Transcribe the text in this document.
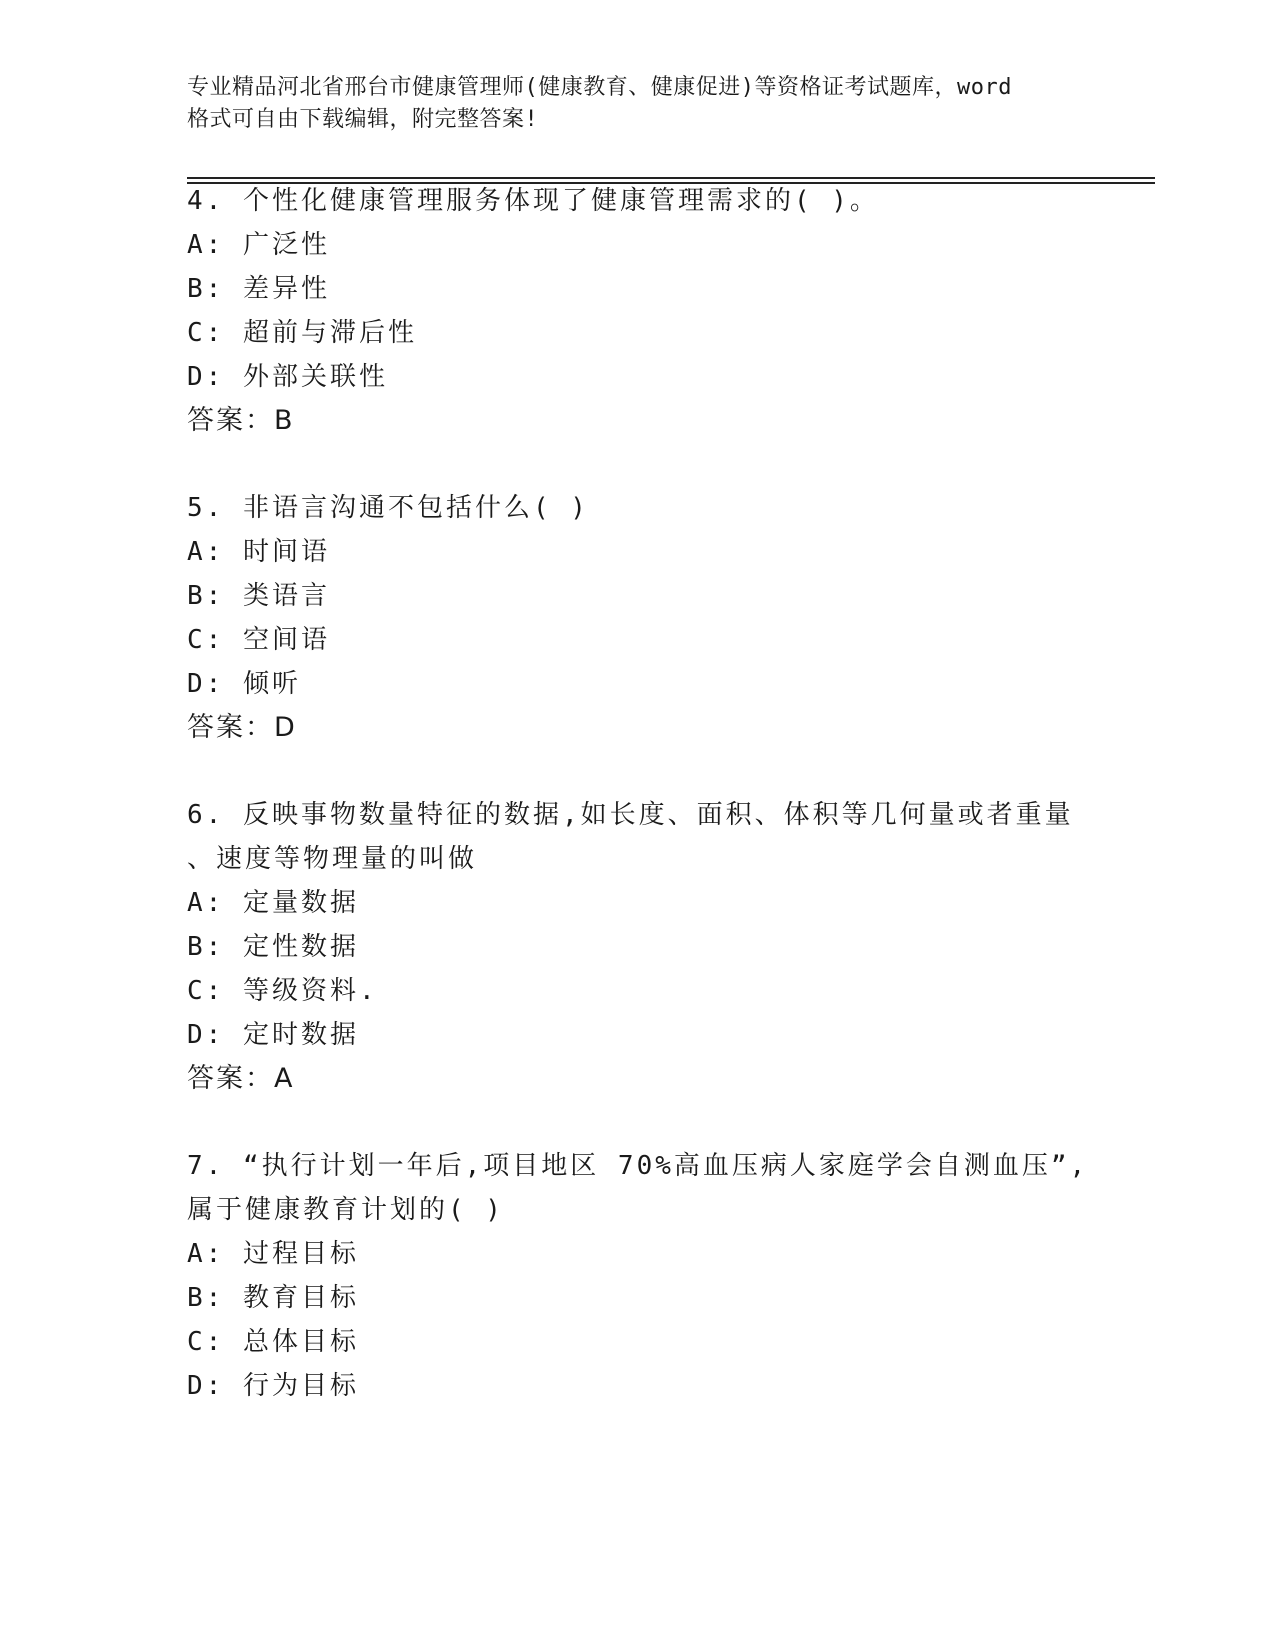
专业精品河北省邢台市健康管理师(健康教育、健康促进)等资格证考试题库，word
格式可自由下载编辑，附完整答案!
4. 个性化健康管理服务体现了健康管理需求的( )。
A: 广泛性
B: 差异性
C: 超前与滞后性
D: 外部关联性
答案：B
5. 非语言沟通不包括什么( )
A: 时间语
B: 类语言
C: 空间语
D: 倾听
答案：D
6. 反映事物数量特征的数据,如长度、面积、体积等几何量或者重量
、速度等物理量的叫做
A: 定量数据
B: 定性数据
C: 等级资料.
D: 定时数据
答案：A
7. “执行计划一年后,项目地区 70%高血压病人家庭学会自测血压”,
属于健康教育计划的( )
A: 过程目标
B: 教育目标
C: 总体目标
D: 行为目标
